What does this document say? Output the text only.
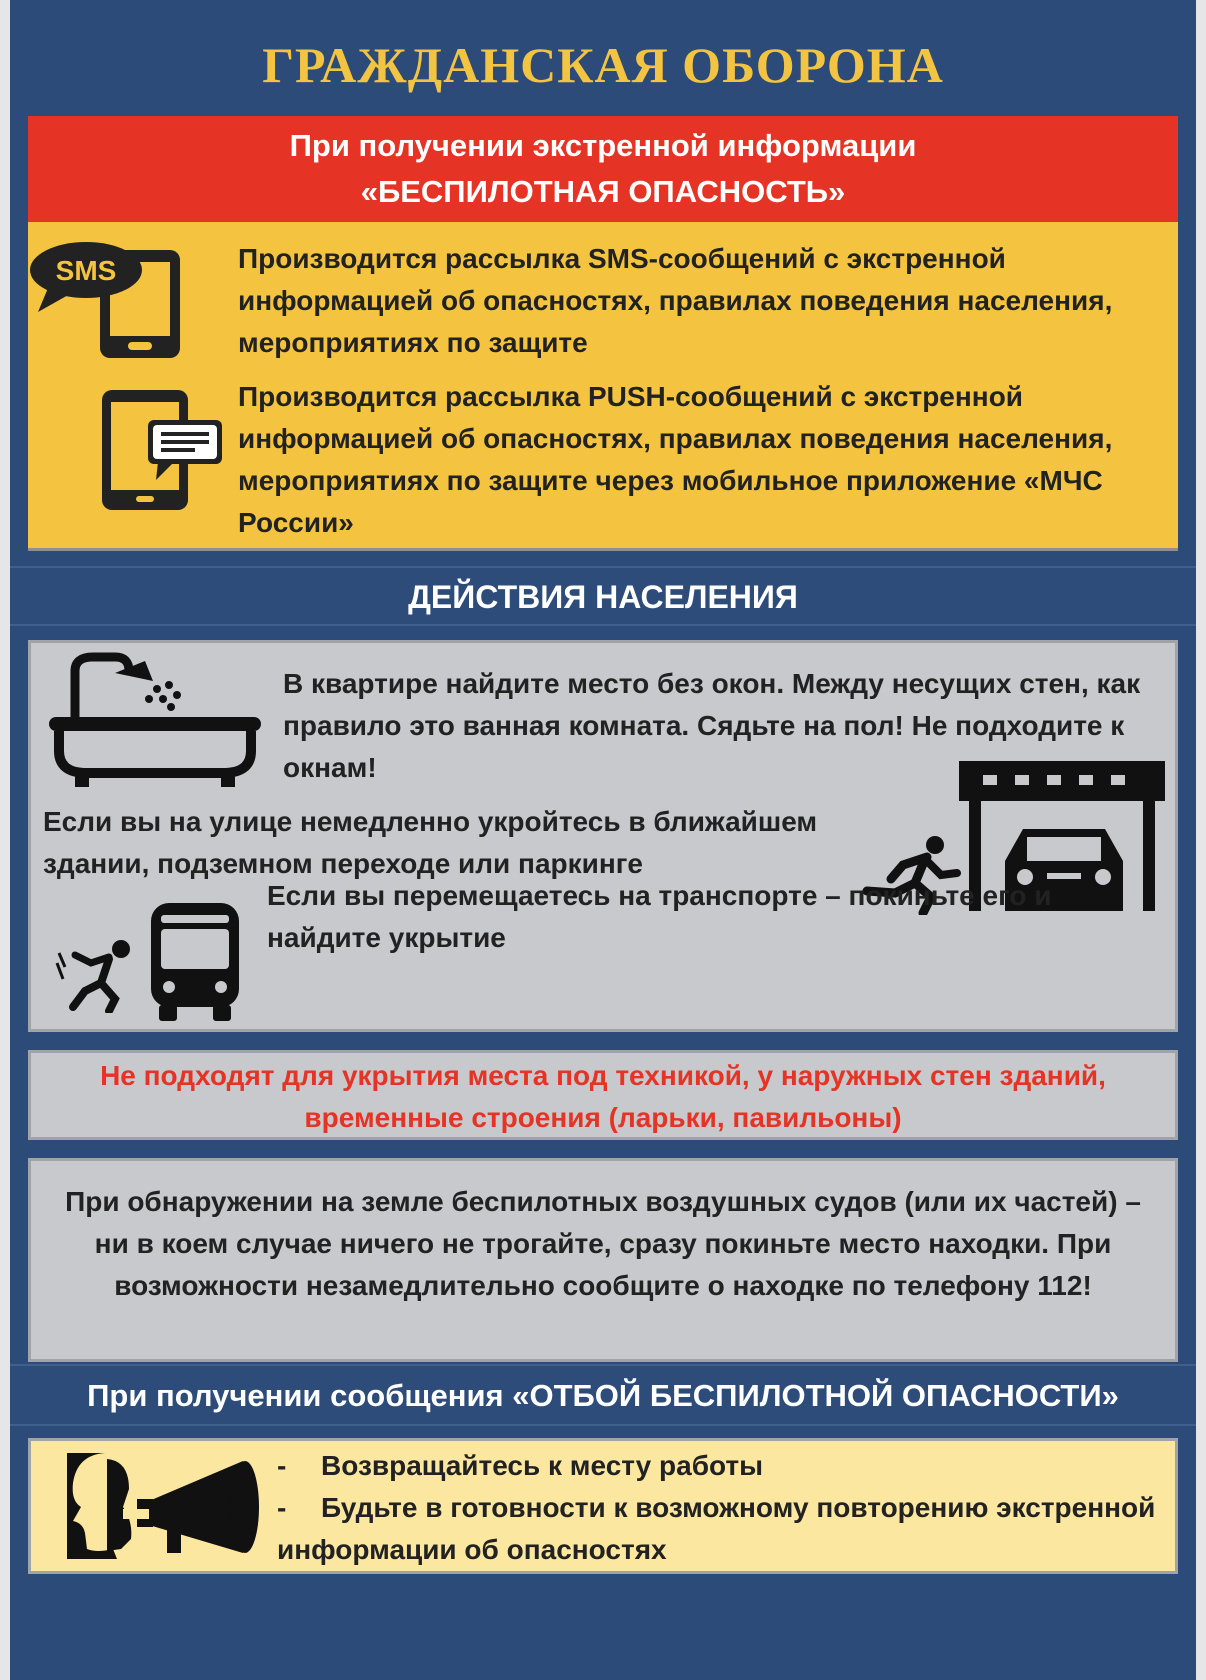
ГРАЖДАНСКАЯ ОБОРОНА
При получении экстренной информации
«БЕСПИЛОТНАЯ ОПАСНОСТЬ»
SMS	Производится рассылка SMS-сообщений с экстренной информацией об опасностях, правилах поведения населения, мероприятиях по защите
Производится рассылка PUSH-сообщений с экстренной информацией об опасностях, правилах поведения населения, мероприятиях по защите через мобильное приложение «МЧС России»
ДЕЙСТВИЯ НАСЕЛЕНИЯ
В квартире найдите место без окон. Между несущих стен, как правило это ванная комната. Сядьте на пол! Не подходите к окнам!
Если вы на улице немедленно укройтесь в ближайшем здании, подземном переходе или паркинге
Если вы перемещаетесь на транспорте – покиньте его и найдите укрытие
Не подходят для укрытия места под техникой, у наружных стен зданий, временные строения (ларьки, павильоны)
При обнаружении на земле беспилотных воздушных судов (или их частей) – ни в коем случае ничего не трогайте, сразу покиньте место находки. При возможности незамедлительно сообщите о находке по телефону 112!
При получении сообщения «ОТБОЙ БЕСПИЛОТНОЙ ОПАСНОСТИ»
- Возвращайтесь к месту работы
- Будьте в готовности к возможному повторению экстренной информации об опасностях
